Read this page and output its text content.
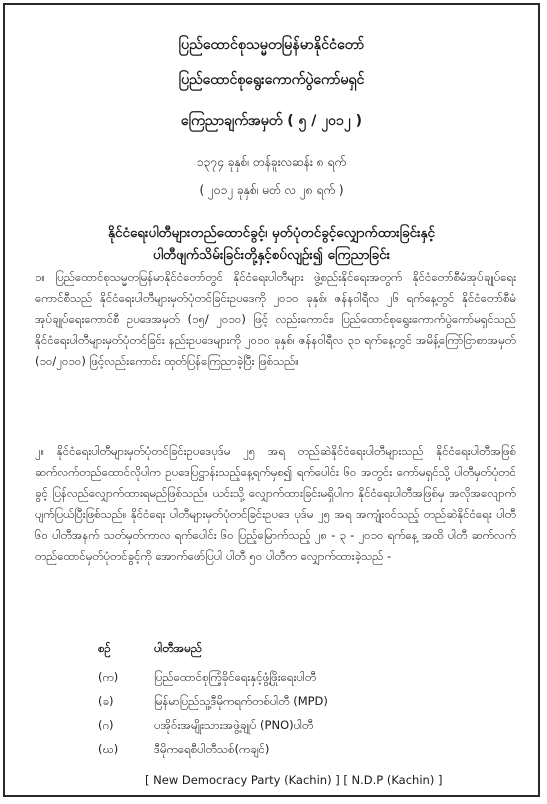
ပြည်ထောင်စုသမ္မတမြန်မာနိုင်ငံတော်
ပြည်ထောင်စုရွေးကောက်ပွဲကော်မရှင်
ကြေညာချက်အမှတ် ( ၅ / ၂၀၁၂ )
၁၃၇၄ ခုနှစ်၊ တန်ခူးလဆန်း ၈ ရက်
( ၂၀၁၂ ခုနှစ်၊ မတ် လ ၂၈ ရက် )
နိုင်ငံရေးပါတီများတည်ထောင်ခွင့်၊ မှတ်ပုံတင်ခွင့်လျှောက်ထားခြင်းနှင့်
ပါတီဖျက်သိမ်းခြင်းတို့နှင့်စပ်လျဉ်း၍ ကြေညာခြင်း
၁။ ပြည်ထောင်စုသမ္မတမြန်မာနိုင်ငံတော်တွင် နိုင်ငံရေးပါတီများ ဖွဲ့စည်းနိုင်ရေးအတွက် နိုင်ငံတော်စီမံအုပ်ချုပ်ရေးကောင်စီသည် နိုင်ငံရေးပါတီများမှတ်ပုံတင်ခြင်းဥပဒေကို ၂၀၁၀ ခုနှစ်၊ ဇန်နဝါရီလ ၂၆ ရက်နေ့တွင် နိုင်ငံတော်စီမံအုပ်ချုပ်ရေးကောင်စီ ဥပဒေအမှတ် (၁၅/ ၂၀၁၀) ဖြင့် လည်းကောင်း၊ ပြည်ထောင်စုရွေးကောက်ပွဲကော်မရှင်သည် နိုင်ငံရေးပါတီများမှတ်ပုံတင်ခြင်း နည်းဥပဒေများကို ၂၀၁၀ ခုနှစ်၊ ဇန်နဝါရီလ ၃၁ ရက်နေ့တွင် အမိန့်ကြော်ငြာစာအမှတ် (၁၀/၂၀၁၀) ဖြင့်လည်းကောင်း ထုတ်ပြန်ကြေညာခဲ့ပြီး ဖြစ်သည်။
၂။ နိုင်ငံရေးပါတီများမှတ်ပုံတင်ခြင်းဥပဒေပုဒ်မ ၂၅ အရ တည်ဆဲနိုင်ငံရေးပါတီများသည် နိုင်ငံရေးပါတီအဖြစ် ဆက်လက်တည်ထောင်လိုပါက ဥပဒေပြဋ္ဌာန်းသည့်နေ့ရက်မှစ၍ ရက်ပေါင်း ၆၀ အတွင်း ကော်မရှင်သို့ ပါတီမှတ်ပုံတင်ခွင့် ပြန်လည်လျှောက်ထားရမည်ဖြစ်သည်။ ယင်းသို့ လျှောက်ထားခြင်းမရှိပါက နိုင်ငံရေးပါတီအဖြစ်မှ အလိုအလျောက်ပျက်ပြယ်ပြီးဖြစ်သည်။ နိုင်ငံရေး ပါတီများမှတ်ပုံတင်ခြင်းဥပဒေ ပုဒ်မ ၂၅ အရ အကျုံးဝင်သည့် တည်ဆဲနိုင်ငံရေး ပါတီ ၆၀ ပါတီအနက် သတ်မှတ်ကာလ ရက်ပေါင်း ၆၀ ပြည့်မြောက်သည့် ၂၈ - ၃ - ၂၀၁၀ ရက်နေ့ အထိ ပါတီ ဆက်လက် တည်ထောင်မှတ်ပုံတင်ခွင့်ကို အောက်ဖော်ပြပါ ပါတီ ၅၀ ပါတီက လျှောက်ထားခဲ့သည် -
စဉ်	ပါတီအမည်
(က)	ပြည်ထောင်စုကြံ့ခိုင်ရေးနှင့်ဖွံ့ဖြိုးရေးပါတီ
(ခ)	မြန်မာပြည်သူ့ဒီမိုကရက်တစ်ပါတီ (MPD)
(ဂ)	ပအိုဝ်းအမျိုးသားအဖွဲ့ချုပ် (PNO)ပါတီ
(ဃ)	ဒီမိုကရေစီပါတီသစ်(ကချင်)
[ New Democracy Party (Kachin) ] [ N.D.P (Kachin) ]
